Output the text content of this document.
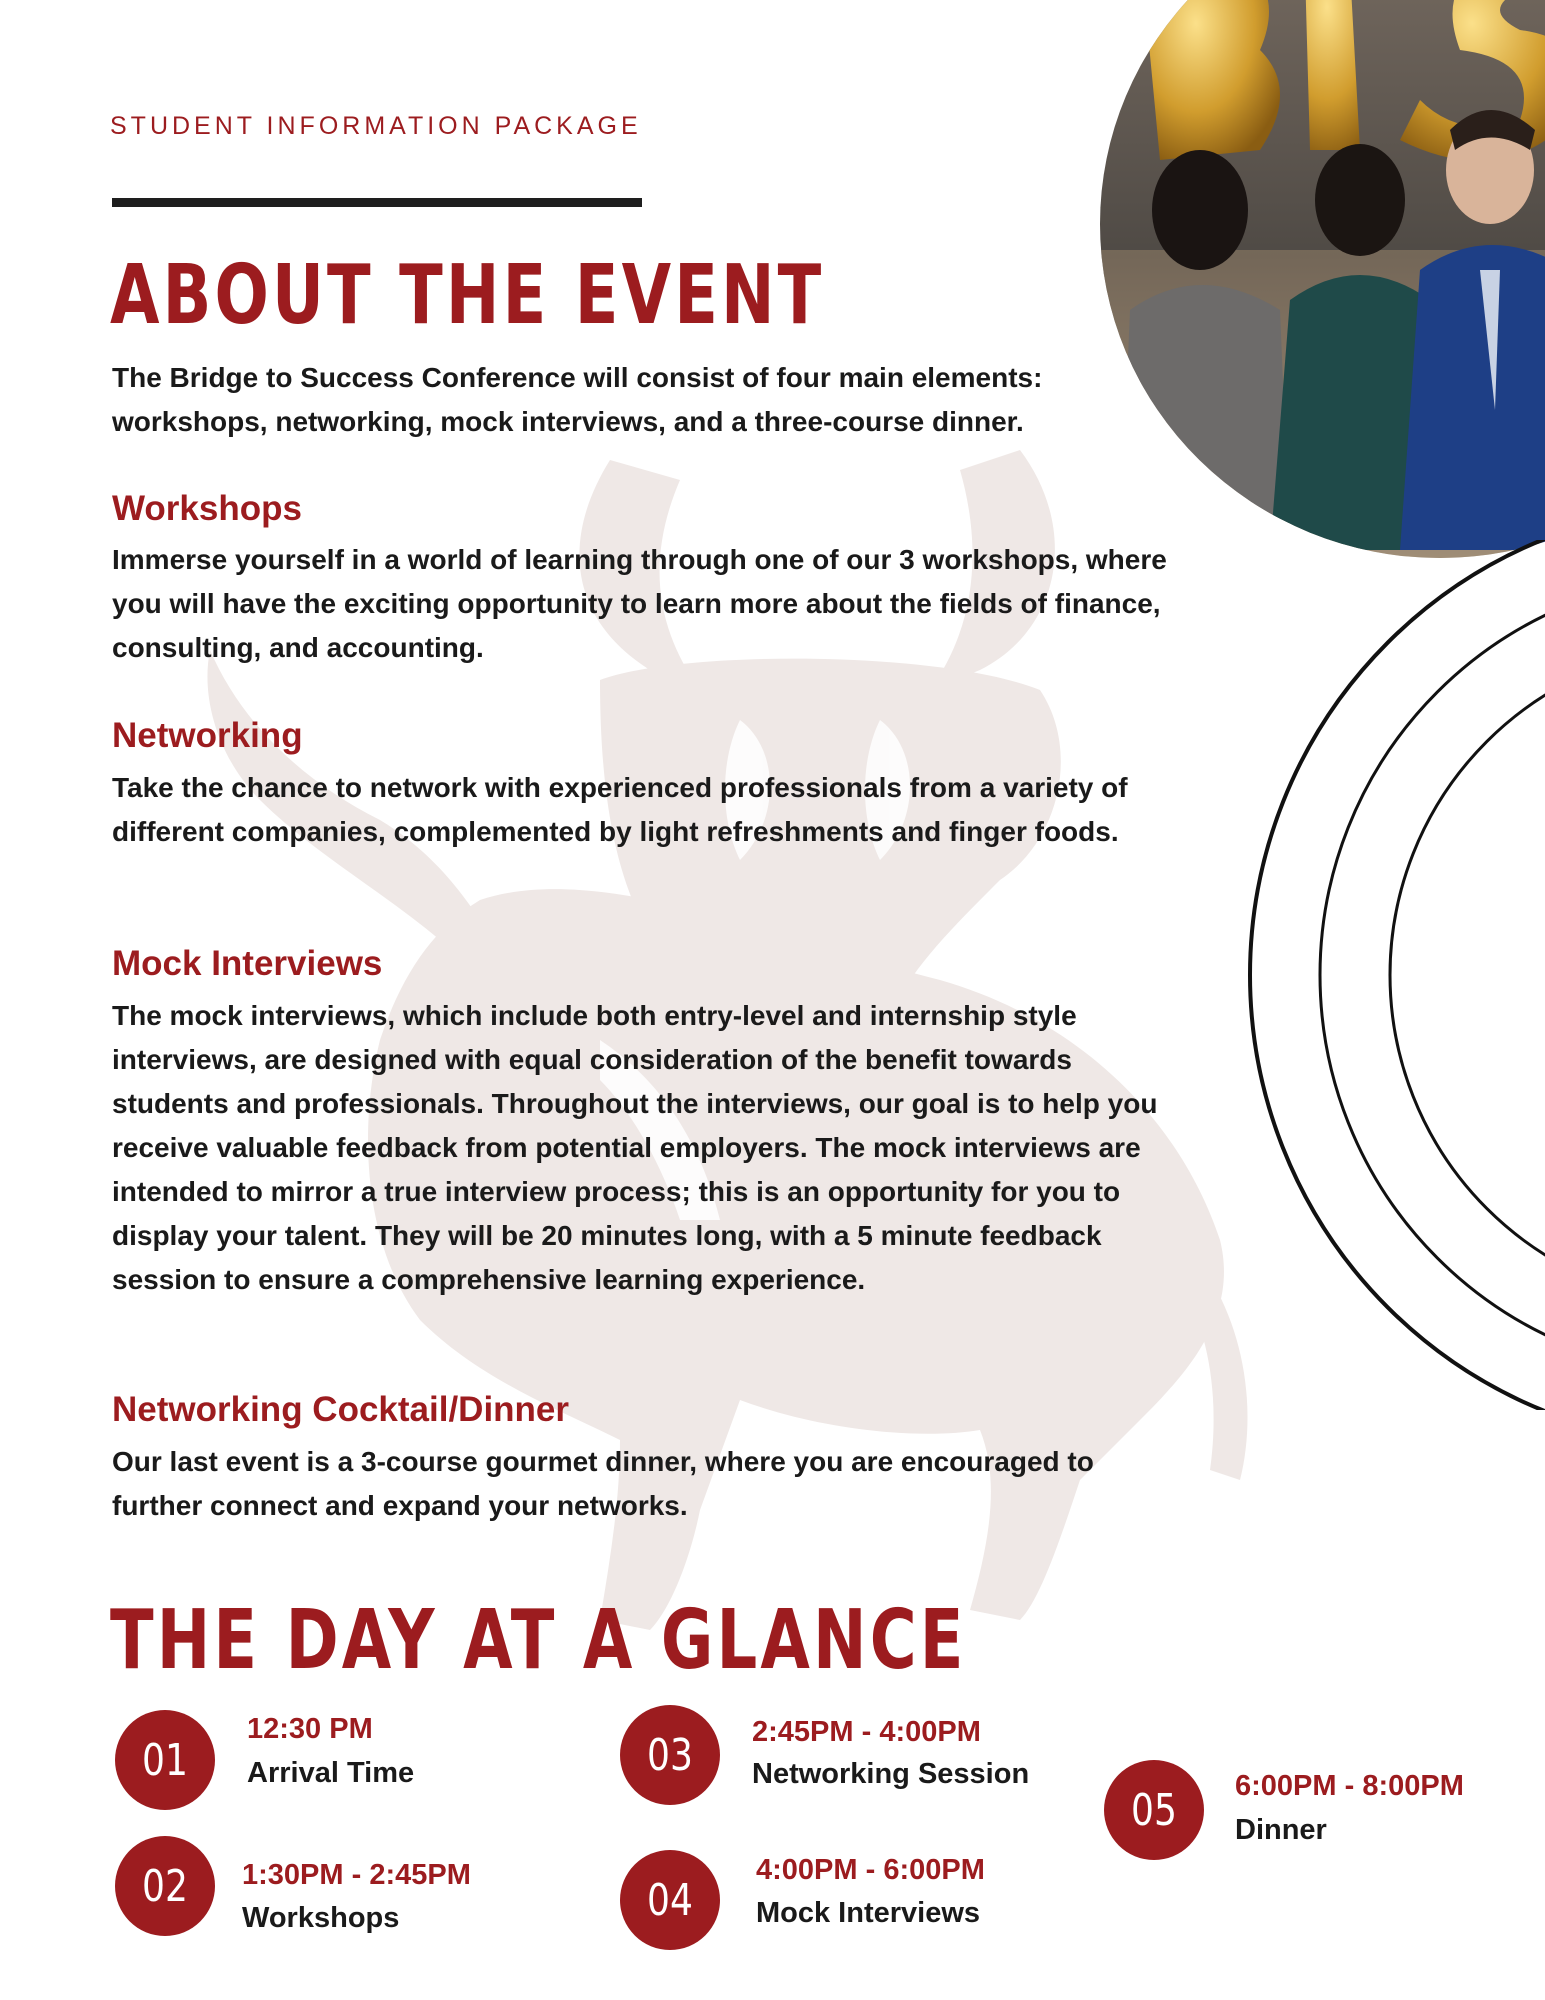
STUDENT INFORMATION PACKAGE
ABOUT THE EVENT
The Bridge to Success Conference will consist of four main elements: workshops, networking, mock interviews, and a three-course dinner.
Workshops
Immerse yourself in a world of learning through one of our 3 workshops, where you will have the exciting opportunity to learn more about the fields of finance, consulting, and accounting.
Networking
Take the chance to network with experienced professionals from a variety of different companies, complemented by light refreshments and finger foods.
Mock Interviews
The mock interviews, which include both entry-level and internship style interviews, are designed with equal consideration of the benefit towards students and professionals. Throughout the interviews, our goal is to help you receive valuable feedback from potential employers. The mock interviews are intended to mirror a true interview process; this is an opportunity for you to display your talent. They will be 20 minutes long, with a 5 minute feedback session to ensure a comprehensive learning experience.
Networking Cocktail/Dinner
Our last event is a 3-course gourmet dinner, where you are encouraged to further connect and expand your networks.
THE DAY AT A GLANCE
01
12:30 PM
Arrival Time
02 1:30PM - 2:45PM
Workshops
03 2:45PM - 4:00PM
Networking Session
04
4:00PM - 6:00PM
Mock Interviews
05 6:00PM - 8:00PM
Dinner
